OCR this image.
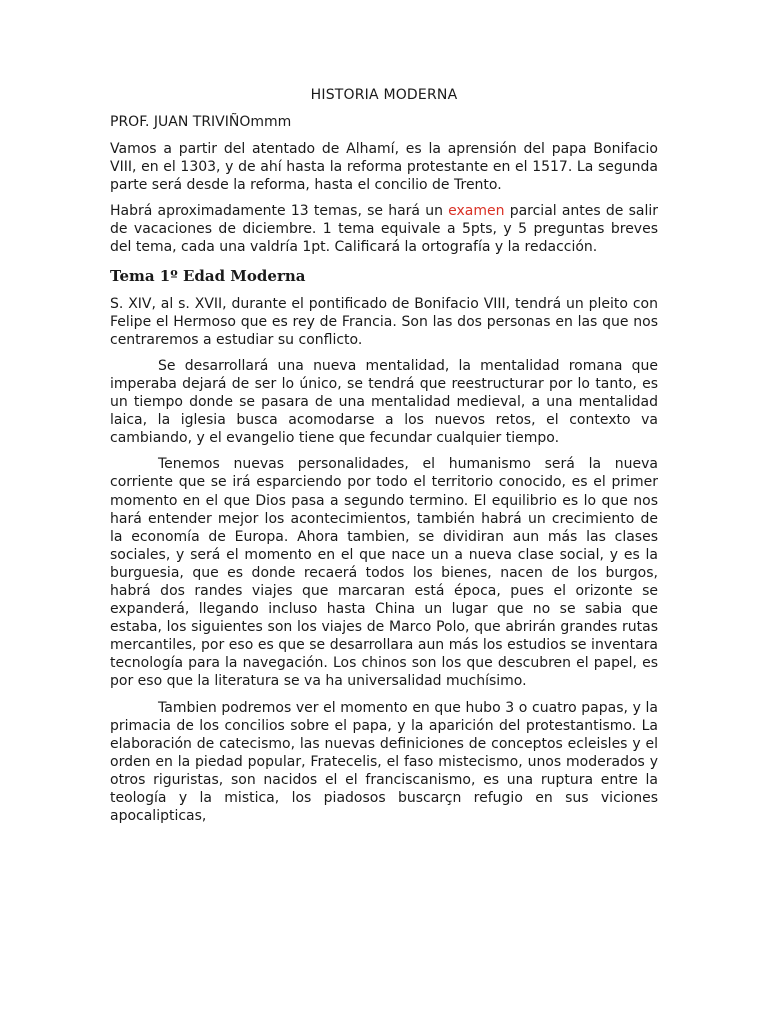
HISTORIA MODERNA
PROF. JUAN TRIVIÑOmmm

Vamos a partir del atentado de Alhamí, es la aprensión del papa Bonifacio VIII, en el 1303, y de ahí hasta la reforma protestante en el 1517. La segunda parte será desde la reforma, hasta el concilio de Trento.

Habrá aproximadamente 13 temas, se hará un examen parcial antes de salir de vacaciones de diciembre. 1 tema equivale a 5pts, y 5 preguntas breves del tema, cada una valdría 1pt. Calificará la ortografía y la redacción.

Tema 1º Edad Moderna

S. XIV, al s. XVII, durante el pontificado de Bonifacio VIII, tendrá un pleito con Felipe el Hermoso que es rey de Francia. Son las dos personas en las que nos centraremos a estudiar su conflicto.

Se desarrollará una nueva mentalidad, la mentalidad romana que imperaba dejará de ser lo único, se tendrá que reestructurar por lo tanto, es un tiempo donde se pasara de una mentalidad medieval, a una mentalidad laica, la iglesia busca acomodarse a los nuevos retos, el contexto va cambiando, y el evangelio tiene que fecundar cualquier tiempo.

Tenemos nuevas personalidades, el humanismo será la nueva corriente que se irá esparciendo por todo el territorio conocido, es el primer momento en el que Dios pasa a segundo termino. El equilibrio es lo que nos hará entender mejor los acontecimientos, también habrá un crecimiento de la economía de Europa. Ahora tambien, se dividiran aun más las clases sociales, y será el momento en el que nace un a nueva clase social, y es la burguesia, que es donde recaerá todos los bienes, nacen de los burgos, habrá dos randes viajes que marcaran está época, pues el orizonte se expanderá, llegando incluso hasta China un lugar que no se sabia que estaba, los siguientes son los viajes de Marco Polo, que abrirán grandes rutas mercantiles, por eso es que se desarrollara aun más los estudios se inventara tecnología para la navegación. Los chinos son los que descubren el papel, es por eso que la literatura se va ha universalidad muchísimo.

Tambien podremos ver el momento en que hubo 3 o cuatro papas, y la primacia de los concilios sobre el papa, y la aparición del protestantismo. La elaboración de catecismo, las nuevas definiciones de conceptos ecleisles y el orden en la piedad popular, Fratecelis, el faso mistecismo, unos moderados y otros riguristas, son nacidos el el franciscanismo, es una ruptura entre la teología y la mistica, los piadosos buscarçn refugio en sus viciones apocalipticas,
